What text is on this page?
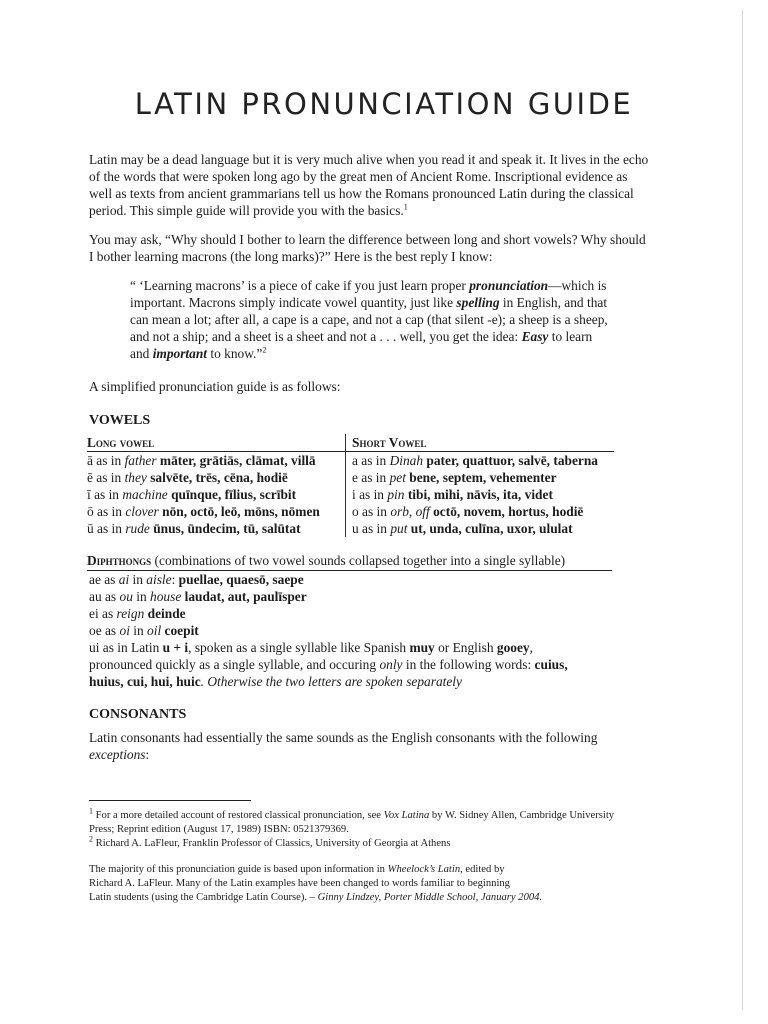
LATIN PRONUNCIATION GUIDE
Latin may be a dead language but it is very much alive when you read it and speak it. It lives in the echo
of the words that were spoken long ago by the great men of Ancient Rome. Inscriptional evidence as
well as texts from ancient grammarians tell us how the Romans pronounced Latin during the classical
period. This simple guide will provide you with the basics.$^1$
You may ask, “Why should I bother to learn the difference between long and short vowels? Why should
I bother learning macrons (the long marks)?” Here is the best reply I know:
“ ‘Learning macrons’ is a piece of cake if you just learn proper pronunciation—which is
important. Macrons simply indicate vowel quantity, just like spelling in English, and that
can mean a lot; after all, a cape is a cape, and not a cap (that silent -e); a sheep is a sheep,
and not a ship; and a sheet is a sheet and not a . . . well, you get the idea: Easy to learn
and important to know.”$^2$
A simplified pronunciation guide is as follows:
VOWELS
Long vowel	Short Vowel
ā as in father māter, grātiās, clāmat, villā	a as in Dinah pater, quattuor, salvē, taberna
ē as in they salvēte, trēs, cēna, hodiē	e as in pet bene, septem, vehementer
ī as in machine quīnque, fīlius, scrībit	i as in pin tibi, mihi, nāvis, ita, videt
ō as in clover nōn, octō, leō, mōns, nōmen	o as in orb, off octō, novem, hortus, hodiē
ū as in rude ūnus, ūndecim, tū, salūtat	u as in put ut, unda, culīna, uxor, ululat
Diphthongs (combinations of two vowel sounds collapsed together into a single syllable)
ae as ai in aisle: puellae, quaesō, saepe
au as ou in house laudat, aut, paulīsper
ei as reign deinde
oe as oi in oil coepit
ui as in Latin u + i, spoken as a single syllable like Spanish muy or English gooey,
pronounced quickly as a single syllable, and occuring only in the following words: cuius,
huius, cui, hui, huic. Otherwise the two letters are spoken separately
CONSONANTS
Latin consonants had essentially the same sounds as the English consonants with the following
exceptions:
$^1$ For a more detailed account of restored classical pronunciation, see Vox Latina by W. Sidney Allen, Cambridge University
Press; Reprint edition (August 17, 1989) ISBN: 0521379369.
$^2$ Richard A. LaFleur, Franklin Professor of Classics, University of Georgia at Athens
The majority of this pronunciation guide is based upon information in Wheelock’s Latin, edited by
Richard A. LaFleur. Many of the Latin examples have been changed to words familiar to beginning
Latin students (using the Cambridge Latin Course). – Ginny Lindzey, Porter Middle School, January 2004.
